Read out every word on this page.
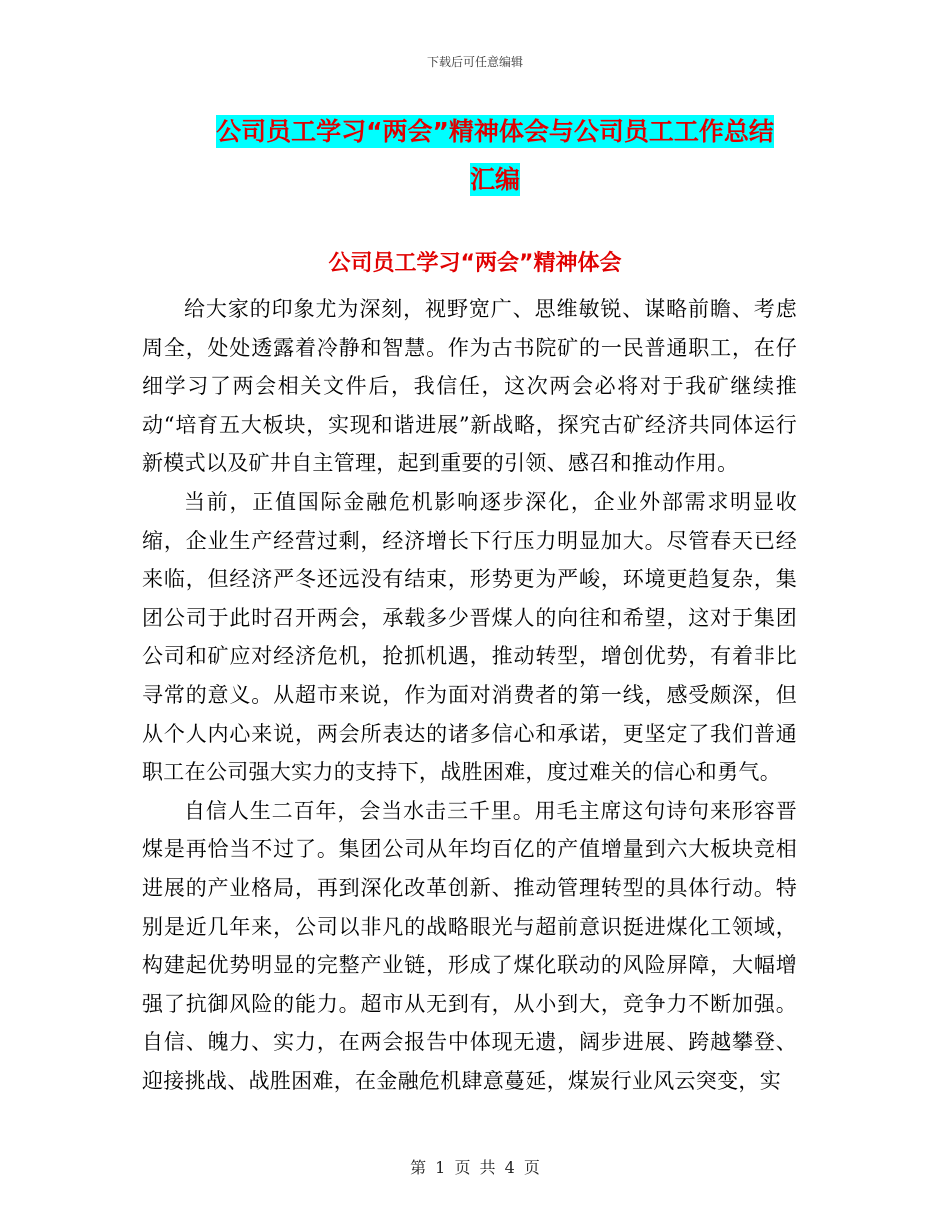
下载后可任意编辑
公司员工学习“两会”精神体会与公司员工工作总结
汇编
公司员工学习“两会”精神体会

给大家的印象尤为深刻，视野宽广、思维敏锐、谋略前瞻、考虑周全，处处透露着冷静和智慧。作为古书院矿的一民普通职工，在仔细学习了两会相关文件后，我信任，这次两会必将对于我矿继续推动“培育五大板块，实现和谐进展”新战略，探究古矿经济共同体运行新模式以及矿井自主管理，起到重要的引领、感召和推动作用。

当前，正值国际金融危机影响逐步深化，企业外部需求明显收缩，企业生产经营过剩，经济增长下行压力明显加大。尽管春天已经来临，但经济严冬还远没有结束，形势更为严峻，环境更趋复杂，集团公司于此时召开两会，承载多少晋煤人的向往和希望，这对于集团公司和矿应对经济危机，抢抓机遇，推动转型，增创优势，有着非比寻常的意义。从超市来说，作为面对消费者的第一线，感受颇深，但从个人内心来说，两会所表达的诸多信心和承诺，更坚定了我们普通职工在公司强大实力的支持下，战胜困难，度过难关的信心和勇气。

自信人生二百年，会当水击三千里。用毛主席这句诗句来形容晋煤是再恰当不过了。集团公司从年均百亿的产值增量到六大板块竞相进展的产业格局，再到深化改革创新、推动管理转型的具体行动。特别是近几年来，公司以非凡的战略眼光与超前意识挺进煤化工领域，构建起优势明显的完整产业链，形成了煤化联动的风险屏障，大幅增强了抗御风险的能力。超市从无到有，从小到大，竞争力不断加强。自信、魄力、实力，在两会报告中体现无遗，阔步进展、跨越攀登、迎接挑战、战胜困难，在金融危机肆意蔓延，煤炭行业风云突变，实

第 1 页 共 4 页
